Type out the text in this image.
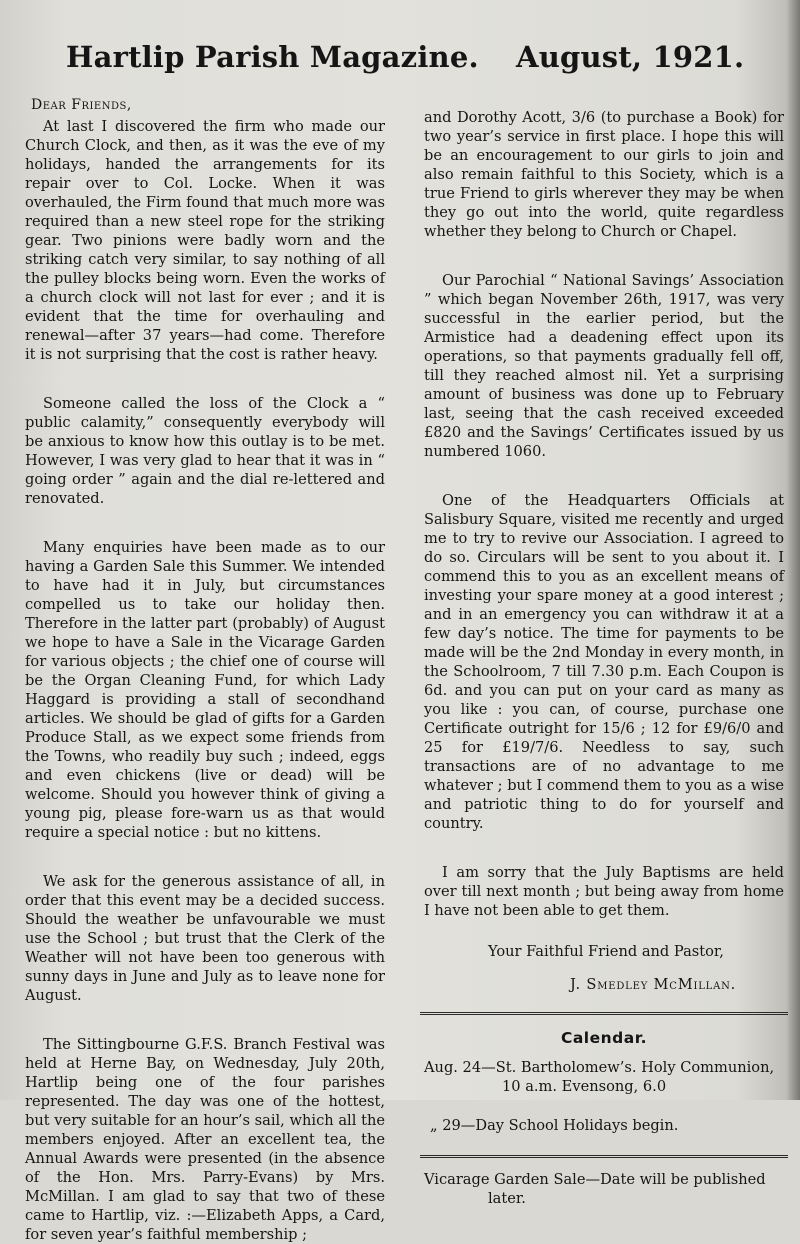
Hartlip Parish Magazine. August, 1921.
Dear Friends,

At last I discovered the firm who made our Church Clock, and then, as it was the eve of my holidays, handed the arrangements for its repair over to Col. Locke. When it was overhauled, the Firm found that much more was required than a new steel rope for the striking gear. Two pinions were badly worn and the striking catch very similar, to say nothing of all the pulley blocks being worn. Even the works of a church clock will not last for ever ; and it is evident that the time for overhauling and renewal—after 37 years—had come. Therefore it is not surprising that the cost is rather heavy.

Someone called the loss of the Clock a “ public calamity,” consequently everybody will be anxious to know how this outlay is to be met. However, I was very glad to hear that it was in “ going order ” again and the dial re-lettered and renovated.

Many enquiries have been made as to our having a Garden Sale this Summer. We intended to have had it in July, but circumstances compelled us to take our holiday then. Therefore in the latter part (probably) of August we hope to have a Sale in the Vicarage Garden for various objects ; the chief one of course will be the Organ Cleaning Fund, for which Lady Haggard is providing a stall of secondhand articles. We should be glad of gifts for a Garden Produce Stall, as we expect some friends from the Towns, who readily buy such ; indeed, eggs and even chickens (live or dead) will be welcome. Should you however think of giving a young pig, please fore-warn us as that would require a special notice : but no kittens.

We ask for the generous assistance of all, in order that this event may be a decided success. Should the weather be unfavourable we must use the School ; but trust that the Clerk of the Weather will not have been too generous with sunny days in June and July as to leave none for August.

The Sittingbourne G.F.S. Branch Festival was held at Herne Bay, on Wednesday, July 20th, Hartlip being one of the four parishes represented. The day was one of the hottest, but very suitable for an hour’s sail, which all the members enjoyed. After an excellent tea, the Annual Awards were presented (in the absence of the Hon. Mrs. Parry-Evans) by Mrs. McMillan. I am glad to say that two of these came to Hartlip, viz. :—Elizabeth Apps, a Card, for seven year’s faithful membership ;

and Dorothy Acott, 3/6 (to purchase a Book) for two year’s service in first place. I hope this will be an encouragement to our girls to join and also remain faithful to this Society, which is a true Friend to girls wherever they may be when they go out into the world, quite regardless whether they belong to Church or Chapel.

Our Parochial “ National Savings’ Association ” which began November 26th, 1917, was very successful in the earlier period, but the Armistice had a deadening effect upon its operations, so that payments gradually fell off, till they reached almost nil. Yet a surprising amount of business was done up to February last, seeing that the cash received exceeded £820 and the Savings’ Certificates issued by us numbered 1060.

One of the Headquarters Officials at Salisbury Square, visited me recently and urged me to try to revive our Association. I agreed to do so. Circulars will be sent to you about it. I commend this to you as an excellent means of investing your spare money at a good interest ; and in an emergency you can withdraw it at a few day’s notice. The time for payments to be made will be the 2nd Monday in every month, in the Schoolroom, 7 till 7.30 p.m. Each Coupon is 6d. and you can put on your card as many as you like : you can, of course, purchase one Certificate outright for 15/6 ; 12 for £9/6/0 and 25 for £19/7/6. Needless to say, such transactions are of no advantage to me whatever ; but I commend them to you as a wise and patriotic thing to do for yourself and country.

I am sorry that the July Baptisms are held over till next month ; but being away from home I have not been able to get them.

Your Faithful Friend and Pastor,
J. Smedley McMillan.
Calendar.
Aug. 24—St. Bartholomew’s. Holy Communion,
10 a.m. Evensong, 6.0
„ 29—Day School Holidays begin.
Vicarage Garden Sale—Date will be published
later.
